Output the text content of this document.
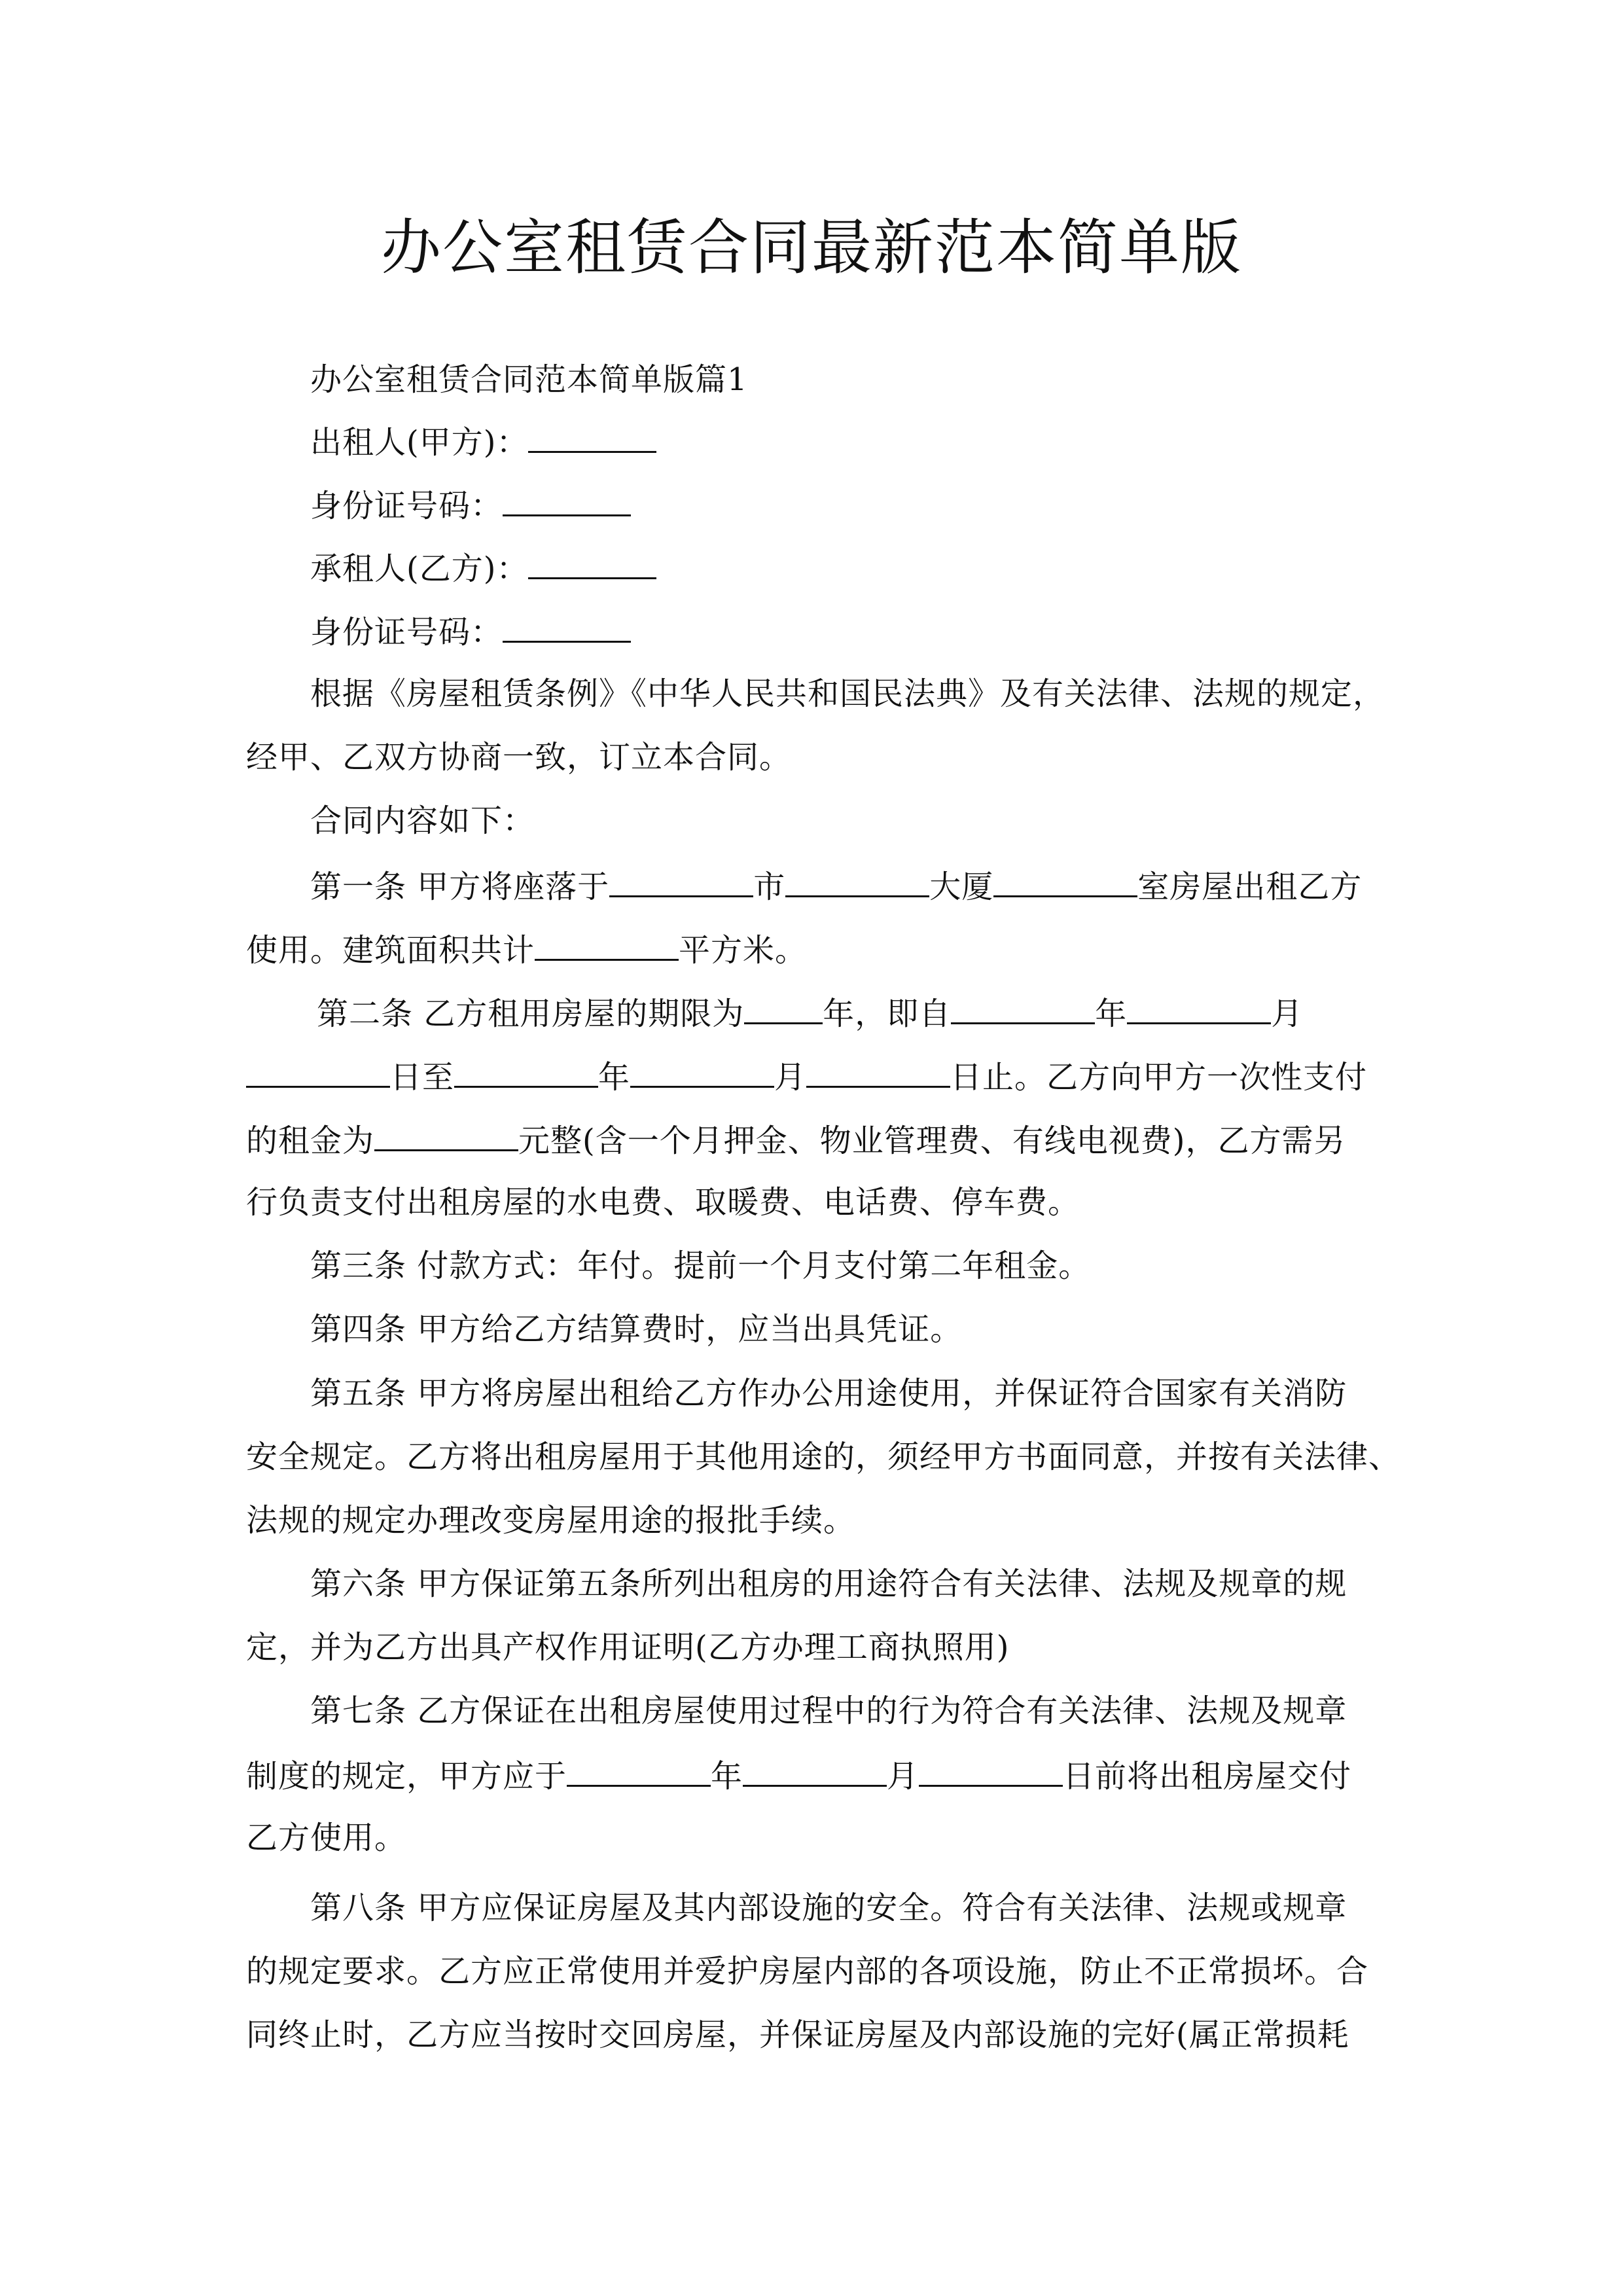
办公室租赁合同最新范本简单版
办公室租赁合同范本简单版篇1
出租人(甲方)：
身份证号码：
承租人(乙方)：
身份证号码：
根据《房屋租赁条例》《中华人民共和国民法典》及有关法律、法规的规定，
经甲、乙双方协商一致，订立本合同。
合同内容如下：
第一条 甲方将座落于	市	大厦	室房屋出租乙方
使用。建筑面积共计	平方米。
第二条 乙方租用房屋的期限为	年，即自	年	月
日至	年	月	日止。乙方向甲方一次性支付
的租金为	元整(含一个月押金、物业管理费、有线电视费)，乙方需另
行负责支付出租房屋的水电费、取暖费、电话费、停车费。
第三条 付款方式：年付。提前一个月支付第二年租金。
第四条 甲方给乙方结算费时，应当出具凭证。
第五条 甲方将房屋出租给乙方作办公用途使用，并保证符合国家有关消防
安全规定。乙方将出租房屋用于其他用途的，须经甲方书面同意，并按有关法律、
法规的规定办理改变房屋用途的报批手续。
第六条 甲方保证第五条所列出租房的用途符合有关法律、法规及规章的规
定，并为乙方出具产权作用证明(乙方办理工商执照用)
第七条 乙方保证在出租房屋使用过程中的行为符合有关法律、法规及规章
制度的规定，甲方应于	年	月	日前将出租房屋交付
乙方使用。
第八条 甲方应保证房屋及其内部设施的安全。符合有关法律、法规或规章
的规定要求。乙方应正常使用并爱护房屋内部的各项设施，防止不正常损坏。合
同终止时，乙方应当按时交回房屋，并保证房屋及内部设施的完好(属正常损耗
